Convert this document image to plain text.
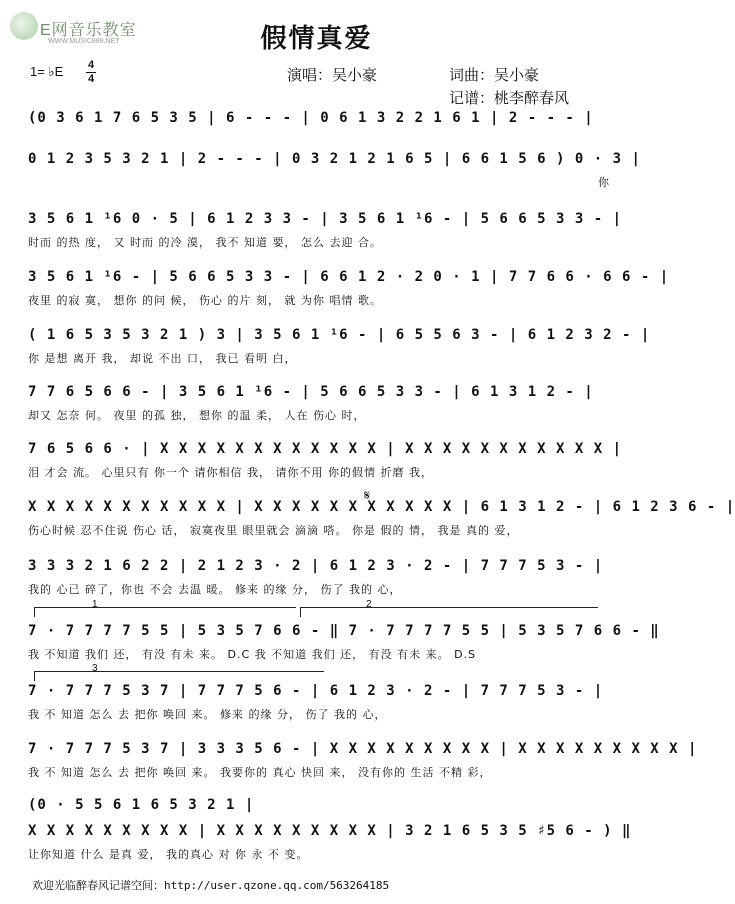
E网音乐教室
WWW.MUSIC888.NET	假情真爱
1= ♭E 4
4	演唱：吴小豪	词曲：吴小豪
记谱：桃李醉春风
(0 3 6 1 7 6 5 3 5 | 6 - - - | 0 6 1 3 2 2 1 6 1 | 2 - - - |
0 1 2 3 5 3 2 1 | 2 - - - | 0 3 2 1 2 1 6 5 | 6 6 1 5 6 ) 0 · 3 |
你
3 5 6 1 ¹6 0 · 5 | 6 1 2 3 3 - | 3 5 6 1 ¹6 - | 5 6 6 5 3 3 - |
时而 的热 度， 又 时而 的冷 漠， 我不 知道 要， 怎么 去迎 合。
3 5 6 1 ¹6 - | 5 6 6 5 3 3 - | 6 6 1 2 · 2 0 · 1 | 7 7 6 6 · 6 6 - |
夜里 的寂 寞， 想你 的问 候， 伤心 的片 刻， 就 为你 唱情 歌。
( 1 6 5 3 5 3 2 1 ) 3 | 3 5 6 1 ¹6 - | 6 5 5 6 3 - | 6 1 2 3 2 - |
你 是想 离开 我， 却说 不出 口， 我已 看明 白，
7 7 6 5 6 6 - | 3 5 6 1 ¹6 - | 5 6 6 5 3 3 - | 6 1 3 1 2 - |
却又 怎奈 何。 夜里 的孤 独， 想你 的温 柔， 人在 伤心 时，
7 6 5 6 6 · | X X X X X X X X X X X X | X X X X X X X X X X X |
泪 才会 流。 心里只有 你一个 请你相信 我， 请你不用 你的假情 折磨 我，
𝄋
X X X X X X X X X X X | X X X X X X X X X X X | 6 1 3 1 2 - | 6 1 2 3 6 - |
伤心时候 忍不住说 伤心 话， 寂寞夜里 眼里就会 滴滴 嗒。 你是 假的 情， 我是 真的 爱，
3 3 3 2 1 6 2 2 | 2 1 2 3 · 2 | 6 1 2 3 · 2 - | 7 7 7 5 3 - |
我的 心已 碎了，你也 不会 去温 暖。 修来 的缘 分， 伤了 我的 心，
1	2
7 · 7 7 7 7 5 5 | 5 3 5 7 6 6 - ‖ 7 · 7 7 7 7 5 5 | 5 3 5 7 6 6 - ‖
我 不知道 我们 还， 有没 有未 来。 D.C 我 不知道 我们 还， 有没 有未 来。 D.S
3
7 · 7 7 7 5 3 7 | 7 7 7 5 6 - | 6 1 2 3 · 2 - | 7 7 7 5 3 - |
我 不 知道 怎么 去 把你 唤回 来。 修来 的缘 分， 伤了 我的 心，
7 · 7 7 7 5 3 7 | 3 3 3 5 6 - | X X X X X X X X X | X X X X X X X X X |
我 不 知道 怎么 去 把你 唤回 来。 我要你的 真心 快回 来， 没有你的 生活 不精 彩，
(0 · 5 5 6 1 6 5 3 2 1 |
X X X X X X X X X | X X X X X X X X X | 3 2 1 6 5 3 5 ♯5 6 - ) ‖
让你知道 什么 是真 爱， 我的真心 对 你 永 不 变。
欢迎光临醉春风记谱空间：http://user.qzone.qq.com/563264185
